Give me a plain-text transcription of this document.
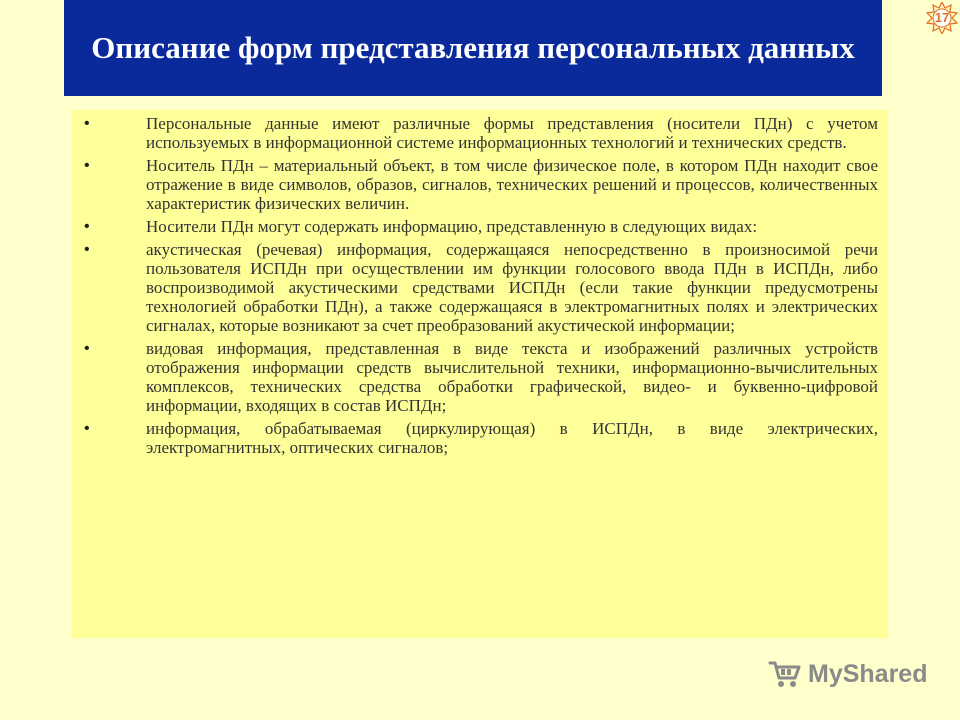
Описание форм представления персональных данных
17
•	Персональные данные имеют различные формы представления (носители ПДн) с учетом используемых в информационной системе информационных технологий и технических средств.
•	Носитель ПДн – материальный объект, в том числе физическое поле, в котором ПДн находит свое отражение в виде символов, образов, сигналов, технических решений и процессов, количественных характеристик физических величин.
•	Носители ПДн могут содержать информацию, представленную в следующих видах:
•	акустическая (речевая) информация, содержащаяся непосредственно в произносимой речи пользователя ИСПДн при осуществлении им функции голосового ввода ПДн в ИСПДн, либо воспроизводимой акустическими средствами ИСПДн (если такие функции предусмотрены технологией обработки ПДн), а также содержащаяся в электромагнитных полях и электрических сигналах, которые возникают за счет преобразований акустической информации;
•	видовая информация, представленная в виде текста и изображений различных устройств отображения информации средств вычислительной техники, информационно-вычислительных комплексов, технических средства обработки графической, видео- и буквенно-цифровой информации, входящих в состав ИСПДн;
•	информация, обрабатываемая (циркулирующая) в ИСПДн, в виде электрических, электромагнитных, оптических сигналов;
MyShared
